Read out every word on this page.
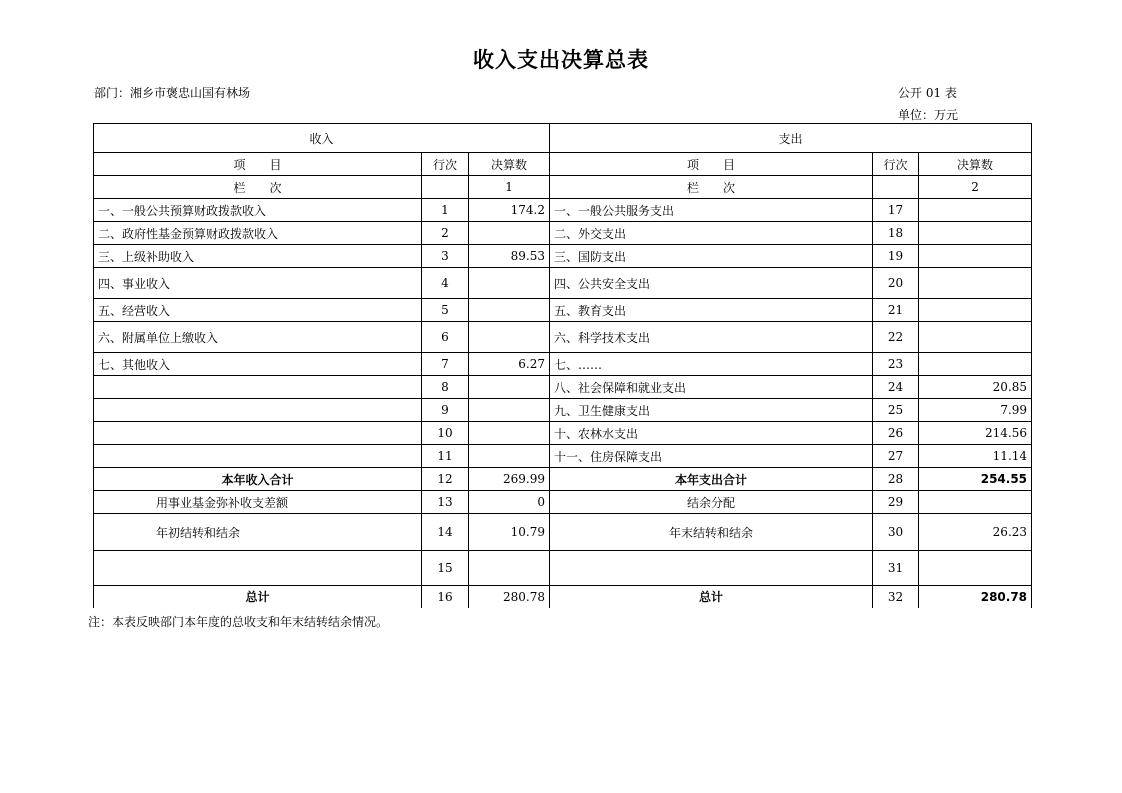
收入支出决算总表
部门：湘乡市褒忠山国有林场	公开 01 表
单位：万元
收入			支出		
项　　目	行次	决算数	项　　目	行次	决算数
栏　　次		1	栏　　次		2
一、一般公共预算财政拨款收入	1	174.2	一、一般公共服务支出	17	
二、政府性基金预算财政拨款收入	2		二、外交支出	18	
三、上级补助收入	3	89.53	三、国防支出	19	
四、事业收入	4		四、公共安全支出	20	
五、经营收入	5		五、教育支出	21	
六、附属单位上缴收入	6		六、科学技术支出	22	
七、其他收入	7	6.27	七、……	23	
	8		八、社会保障和就业支出	24	20.85
	9		九、卫生健康支出	25	7.99
	10		十、农林水支出	26	214.56
	11		十一、住房保障支出	27	11.14
本年收入合计	12	269.99	本年支出合计	28	254.55
用事业基金弥补收支差额	13	0	结余分配	29	
年初结转和结余	14	10.79	年末结转和结余	30	26.23
	15			31	
总计	16	280.78	总计	32	280.78
注：本表反映部门本年度的总收支和年末结转结余情况。
